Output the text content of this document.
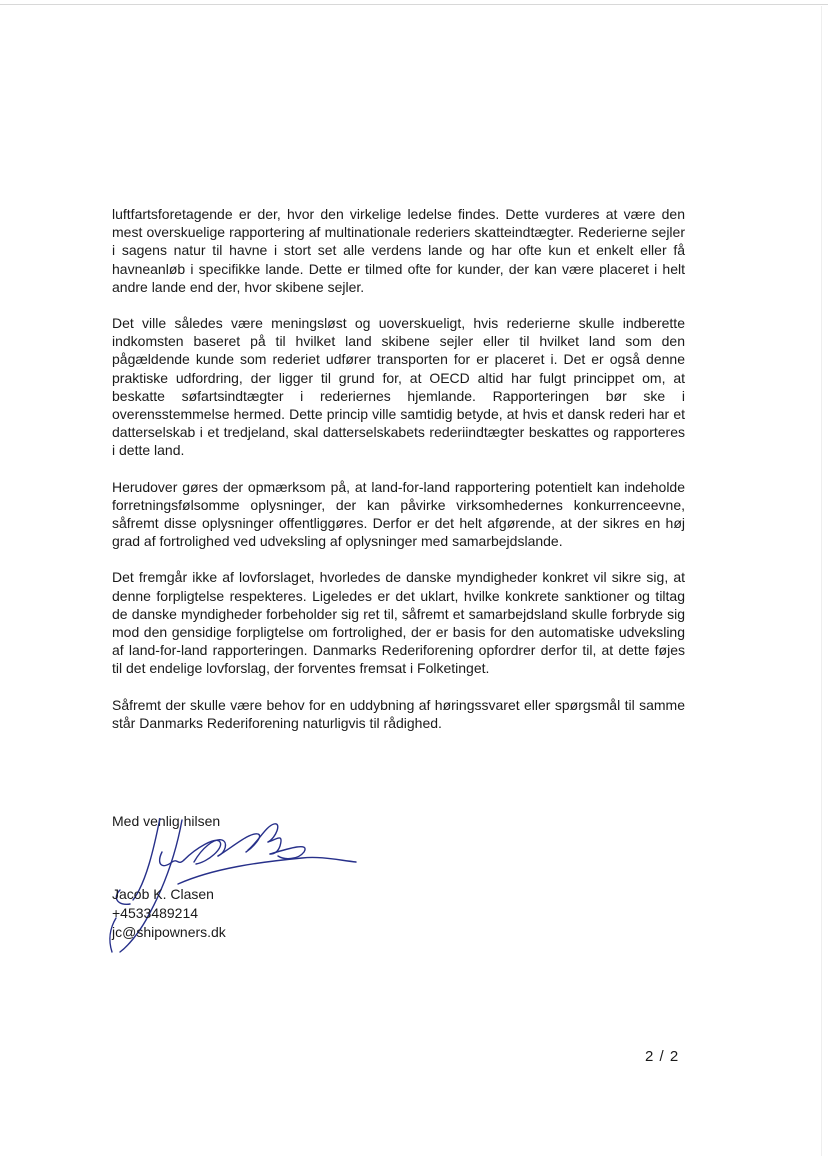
luftfartsforetagende er der, hvor den virkelige ledelse findes. Dette vurderes at være den mest overskuelige rapportering af multinationale rederiers skatteindtægter. Rederierne sejler i sagens natur til havne i stort set alle verdens lande og har ofte kun et enkelt eller få havneanløb i specifikke lande. Dette er tilmed ofte for kunder, der kan være placeret i helt andre lande end der, hvor skibene sejler.

Det ville således være meningsløst og uoverskueligt, hvis rederierne skulle indberette indkomsten baseret på til hvilket land skibene sejler eller til hvilket land som den pågældende kunde som rederiet udfører transporten for er placeret i. Det er også denne praktiske udfordring, der ligger til grund for, at OECD altid har fulgt princippet om, at beskatte søfartsindtægter i rederiernes hjemlande. Rapporteringen bør ske i overensstemmelse hermed. Dette princip ville samtidig betyde, at hvis et dansk rederi har et datterselskab i et tredjeland, skal datterselskabets rederiindtægter beskattes og rapporteres i dette land.

Herudover gøres der opmærksom på, at land-for-land rapportering potentielt kan indeholde forretningsfølsomme oplysninger, der kan påvirke virksomhedernes konkurrenceevne, såfremt disse oplysninger offentliggøres. Derfor er det helt afgørende, at der sikres en høj grad af fortrolighed ved udveksling af oplysninger med samarbejdslande.

Det fremgår ikke af lovforslaget, hvorledes de danske myndigheder konkret vil sikre sig, at denne forpligtelse respekteres. Ligeledes er det uklart, hvilke konkrete sanktioner og tiltag de danske myndigheder forbeholder sig ret til, såfremt et samarbejdsland skulle forbryde sig mod den gensidige forpligtelse om fortrolighed, der er basis for den automatiske udveksling af land-for-land rapporteringen. Danmarks Rederiforening opfordrer derfor til, at dette føjes til det endelige lovforslag, der forventes fremsat i Folketinget.

Såfremt der skulle være behov for en uddybning af høringssvaret eller spørgsmål til samme står Danmarks Rederiforening naturligvis til rådighed.

Med venlig hilsen
Jacob K. Clasen
+4533489214
jc@shipowners.dk
2 / 2
